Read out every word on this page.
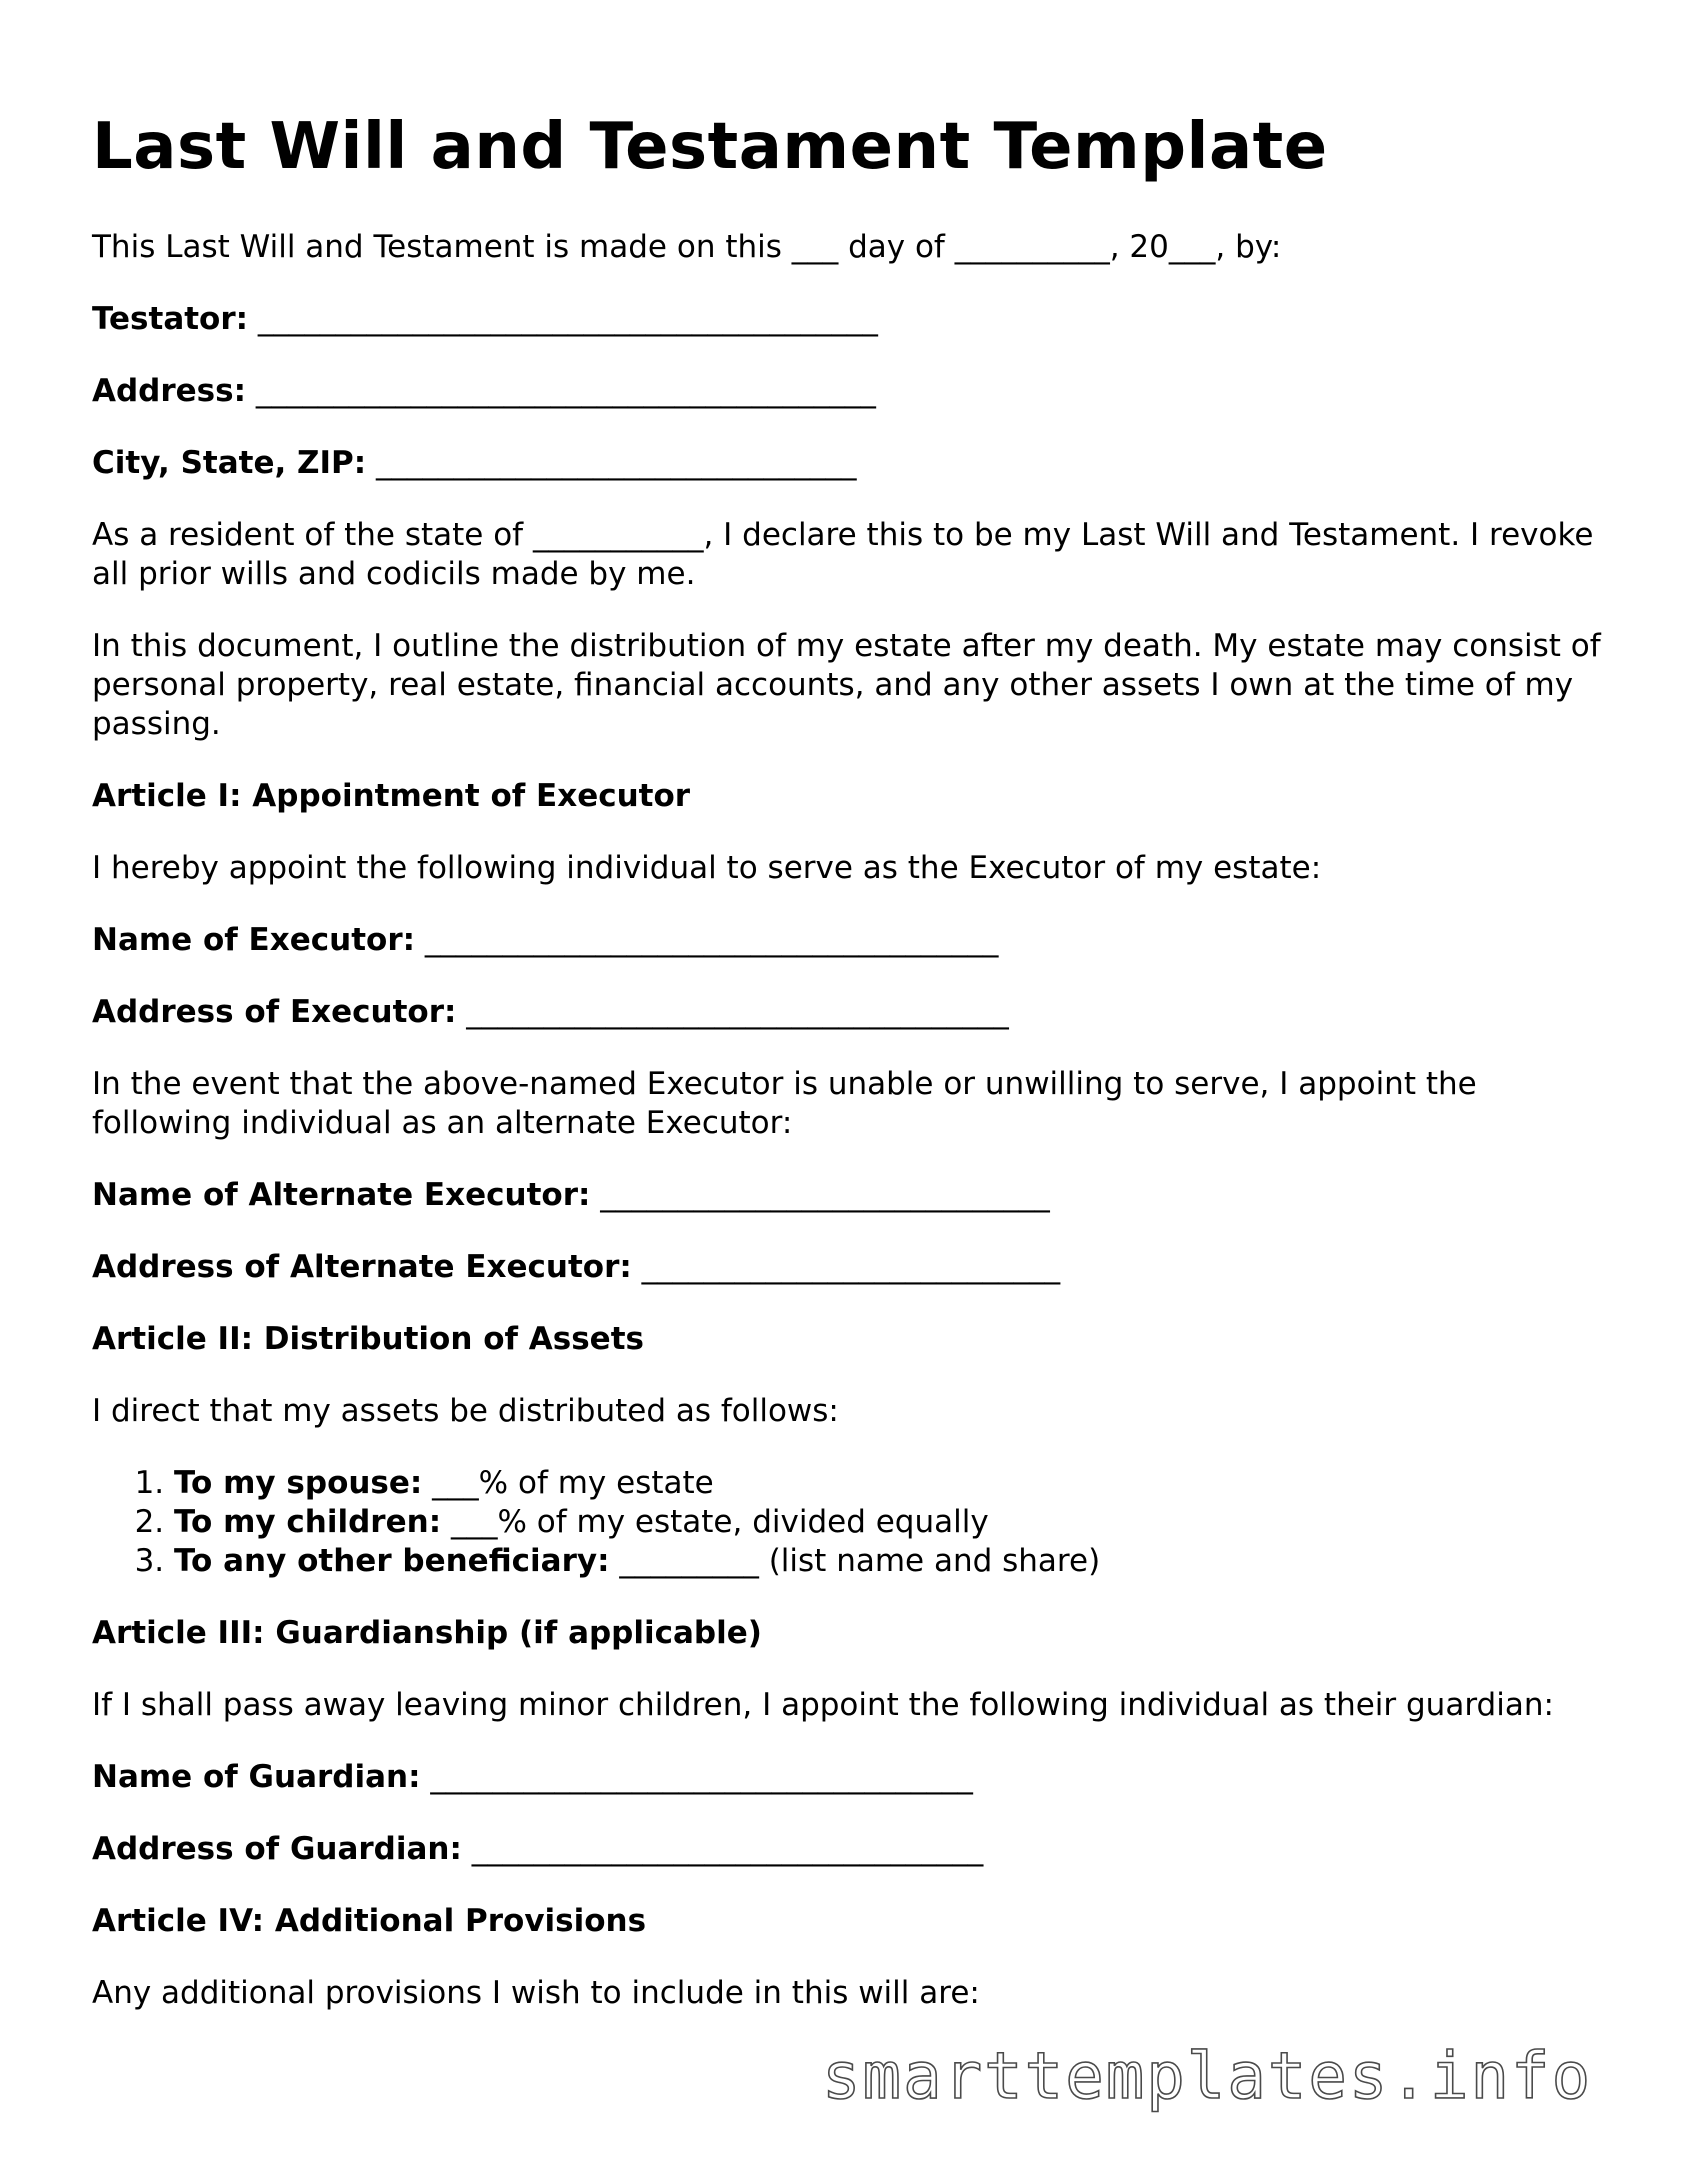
Last Will and Testament Template

This Last Will and Testament is made on this ___ day of __________, 20___, by:

Testator: ________________________________________

Address: ________________________________________

City, State, ZIP: _______________________________

As a resident of the state of ___________, I declare this to be my Last Will and Testament. I revoke all prior wills and codicils made by me.

In this document, I outline the distribution of my estate after my death. My estate may consist of personal property, real estate, financial accounts, and any other assets I own at the time of my passing.

Article I: Appointment of Executor

I hereby appoint the following individual to serve as the Executor of my estate:

Name of Executor: _____________________________________

Address of Executor: ___________________________________

In the event that the above-named Executor is unable or unwilling to serve, I appoint the following individual as an alternate Executor:

Name of Alternate Executor: _____________________________

Address of Alternate Executor: ___________________________

Article II: Distribution of Assets

I direct that my assets be distributed as follows:

1. To my spouse: ___% of my estate
2. To my children: ___% of my estate, divided equally
3. To any other beneficiary: _________ (list name and share)

Article III: Guardianship (if applicable)

If I shall pass away leaving minor children, I appoint the following individual as their guardian:

Name of Guardian: ___________________________________

Address of Guardian: _________________________________

Article IV: Additional Provisions

Any additional provisions I wish to include in this will are:

smarttemplates.info
